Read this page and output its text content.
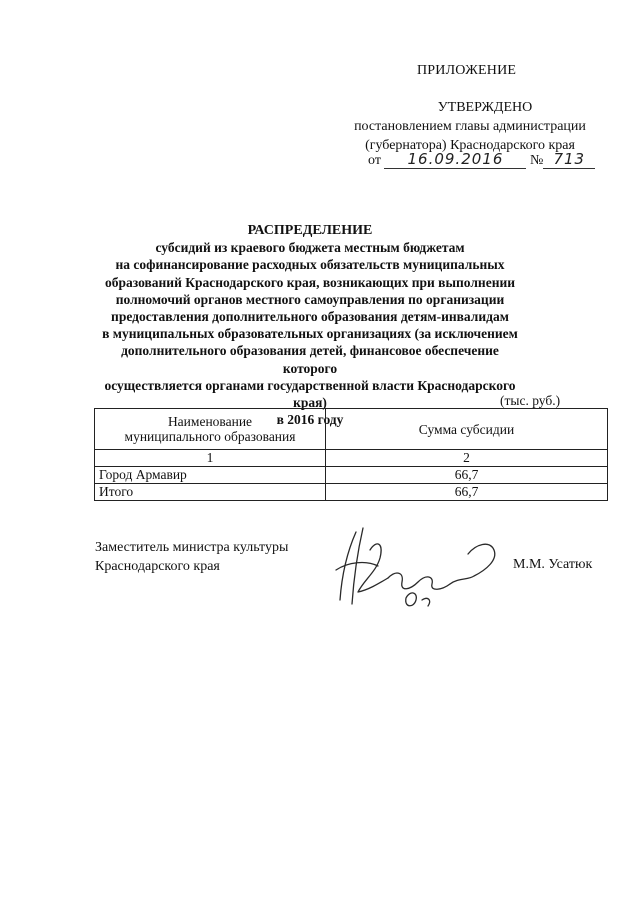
ПРИЛОЖЕНИЕ
УТВЕРЖДЕНО
постановлением главы администрации
(губернатора) Краснодарского края
от 16.09.2016 № 713
РАСПРЕДЕЛЕНИЕ
субсидий из краевого бюджета местным бюджетам
на софинансирование расходных обязательств муниципальных
образований Краснодарского края, возникающих при выполнении
полномочий органов местного самоуправления по организации
предоставления дополнительного образования детям-инвалидам
в муниципальных образовательных организациях (за исключением
дополнительного образования детей, финансовое обеспечение которого
осуществляется органами государственной власти Краснодарского края)
в 2016 году
(тыс. руб.)
Наименование
муниципального образования	Сумма субсидии
1	2
Город Армавир	66,7
Итого	66,7
Заместитель министра культуры
Краснодарского края	М.М. Усатюк
